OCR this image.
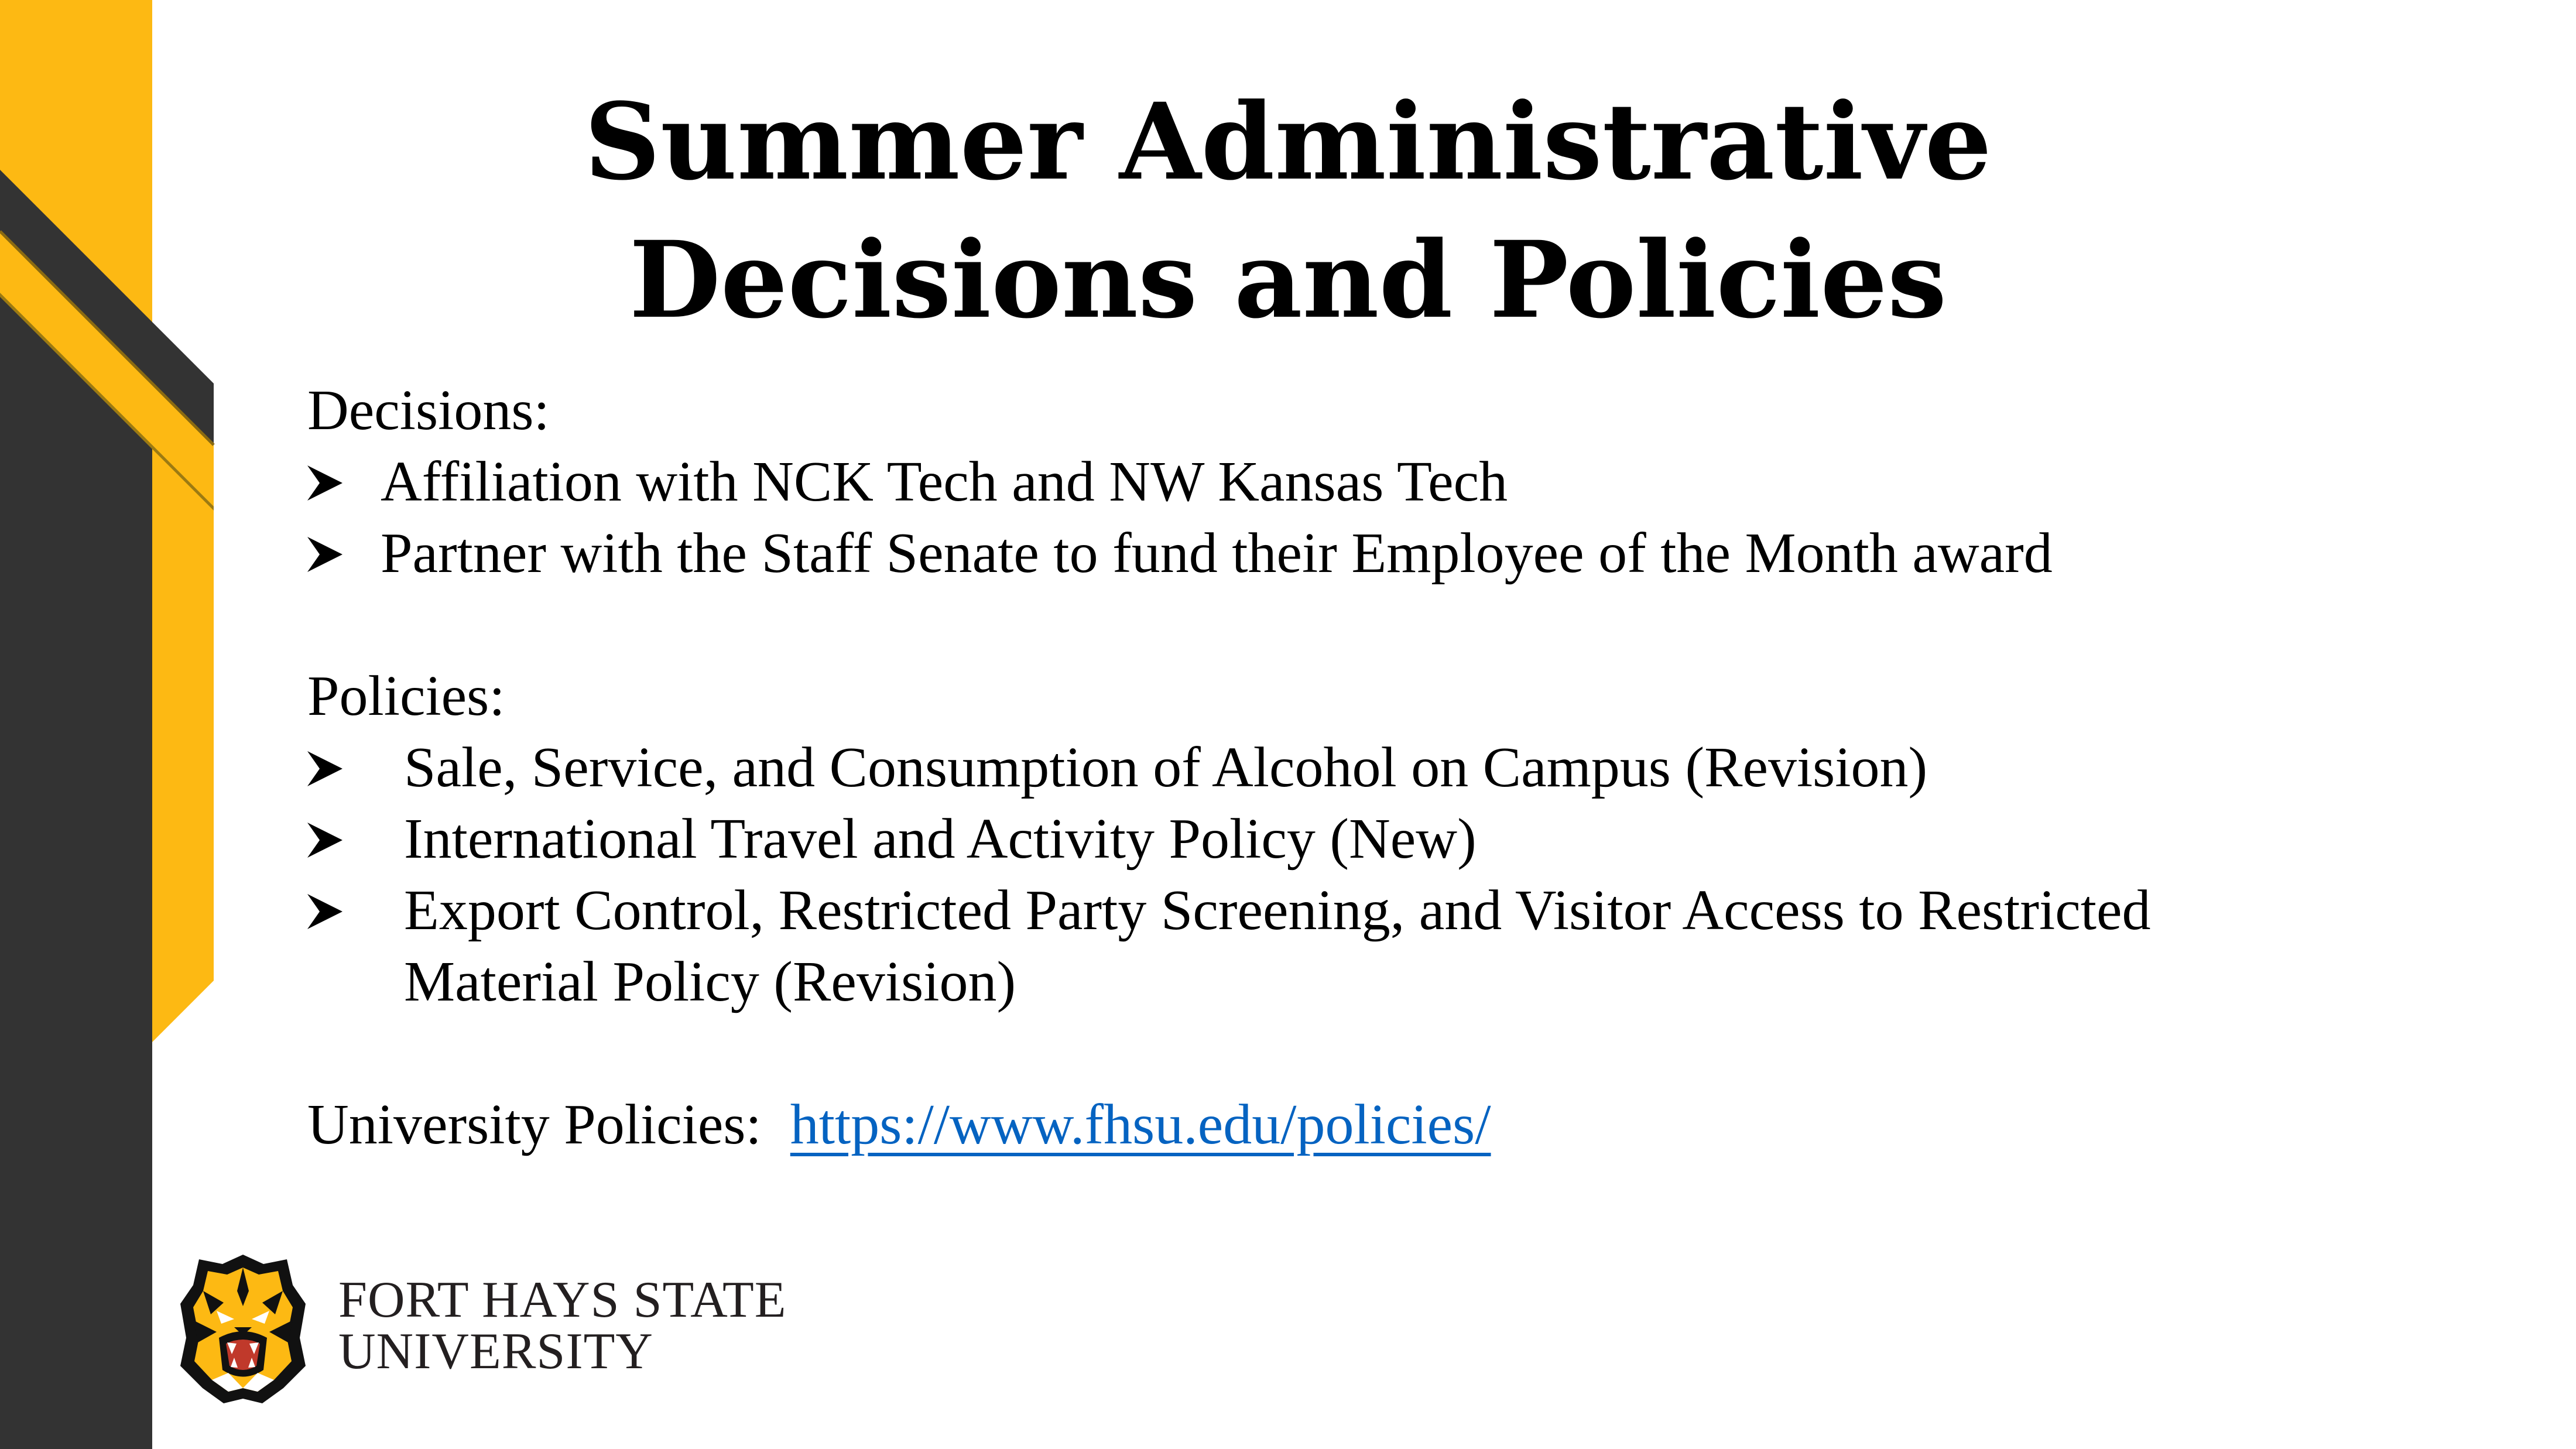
Summer Administrative Decisions and Policies

Decisions:

Affiliation with NCK Tech and NW Kansas Tech
Partner with the Staff Senate to fund their Employee of the Month award

Policies:

Sale, Service, and Consumption of Alcohol on Campus (Revision)
International Travel and Activity Policy (New)
Export Control, Restricted Party Screening, and Visitor Access to Restricted Material Policy (Revision)

University Policies: https://www.fhsu.edu/policies/

FORT HAYS STATE
UNIVERSITY
